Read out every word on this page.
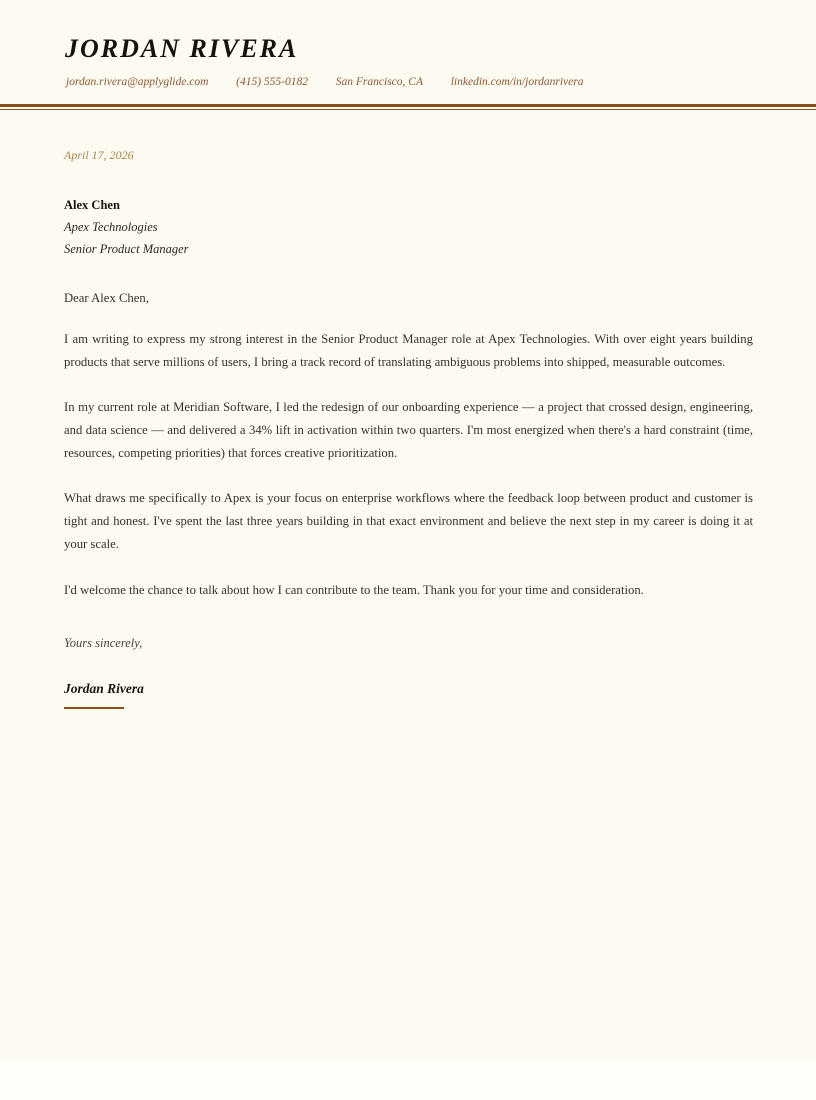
JORDAN RIVERA
jordan.rivera@applyglide.com (415) 555-0182 San Francisco, CA linkedin.com/in/jordanrivera
April 17, 2026
Alex Chen
Apex Technologies
Senior Product Manager
Dear Alex Chen,

I am writing to express my strong interest in the Senior Product Manager role at Apex Technologies. With over eight years building products that serve millions of users, I bring a track record of translating ambiguous problems into shipped, measurable outcomes.

In my current role at Meridian Software, I led the redesign of our onboarding experience — a project that crossed design, engineering, and data science — and delivered a 34% lift in activation within two quarters. I'm most energized when there's a hard constraint (time, resources, competing priorities) that forces creative prioritization.

What draws me specifically to Apex is your focus on enterprise workflows where the feedback loop between product and customer is tight and honest. I've spent the last three years building in that exact environment and believe the next step in my career is doing it at your scale.

I'd welcome the chance to talk about how I can contribute to the team. Thank you for your time and consideration.

Yours sincerely,
Jordan Rivera
